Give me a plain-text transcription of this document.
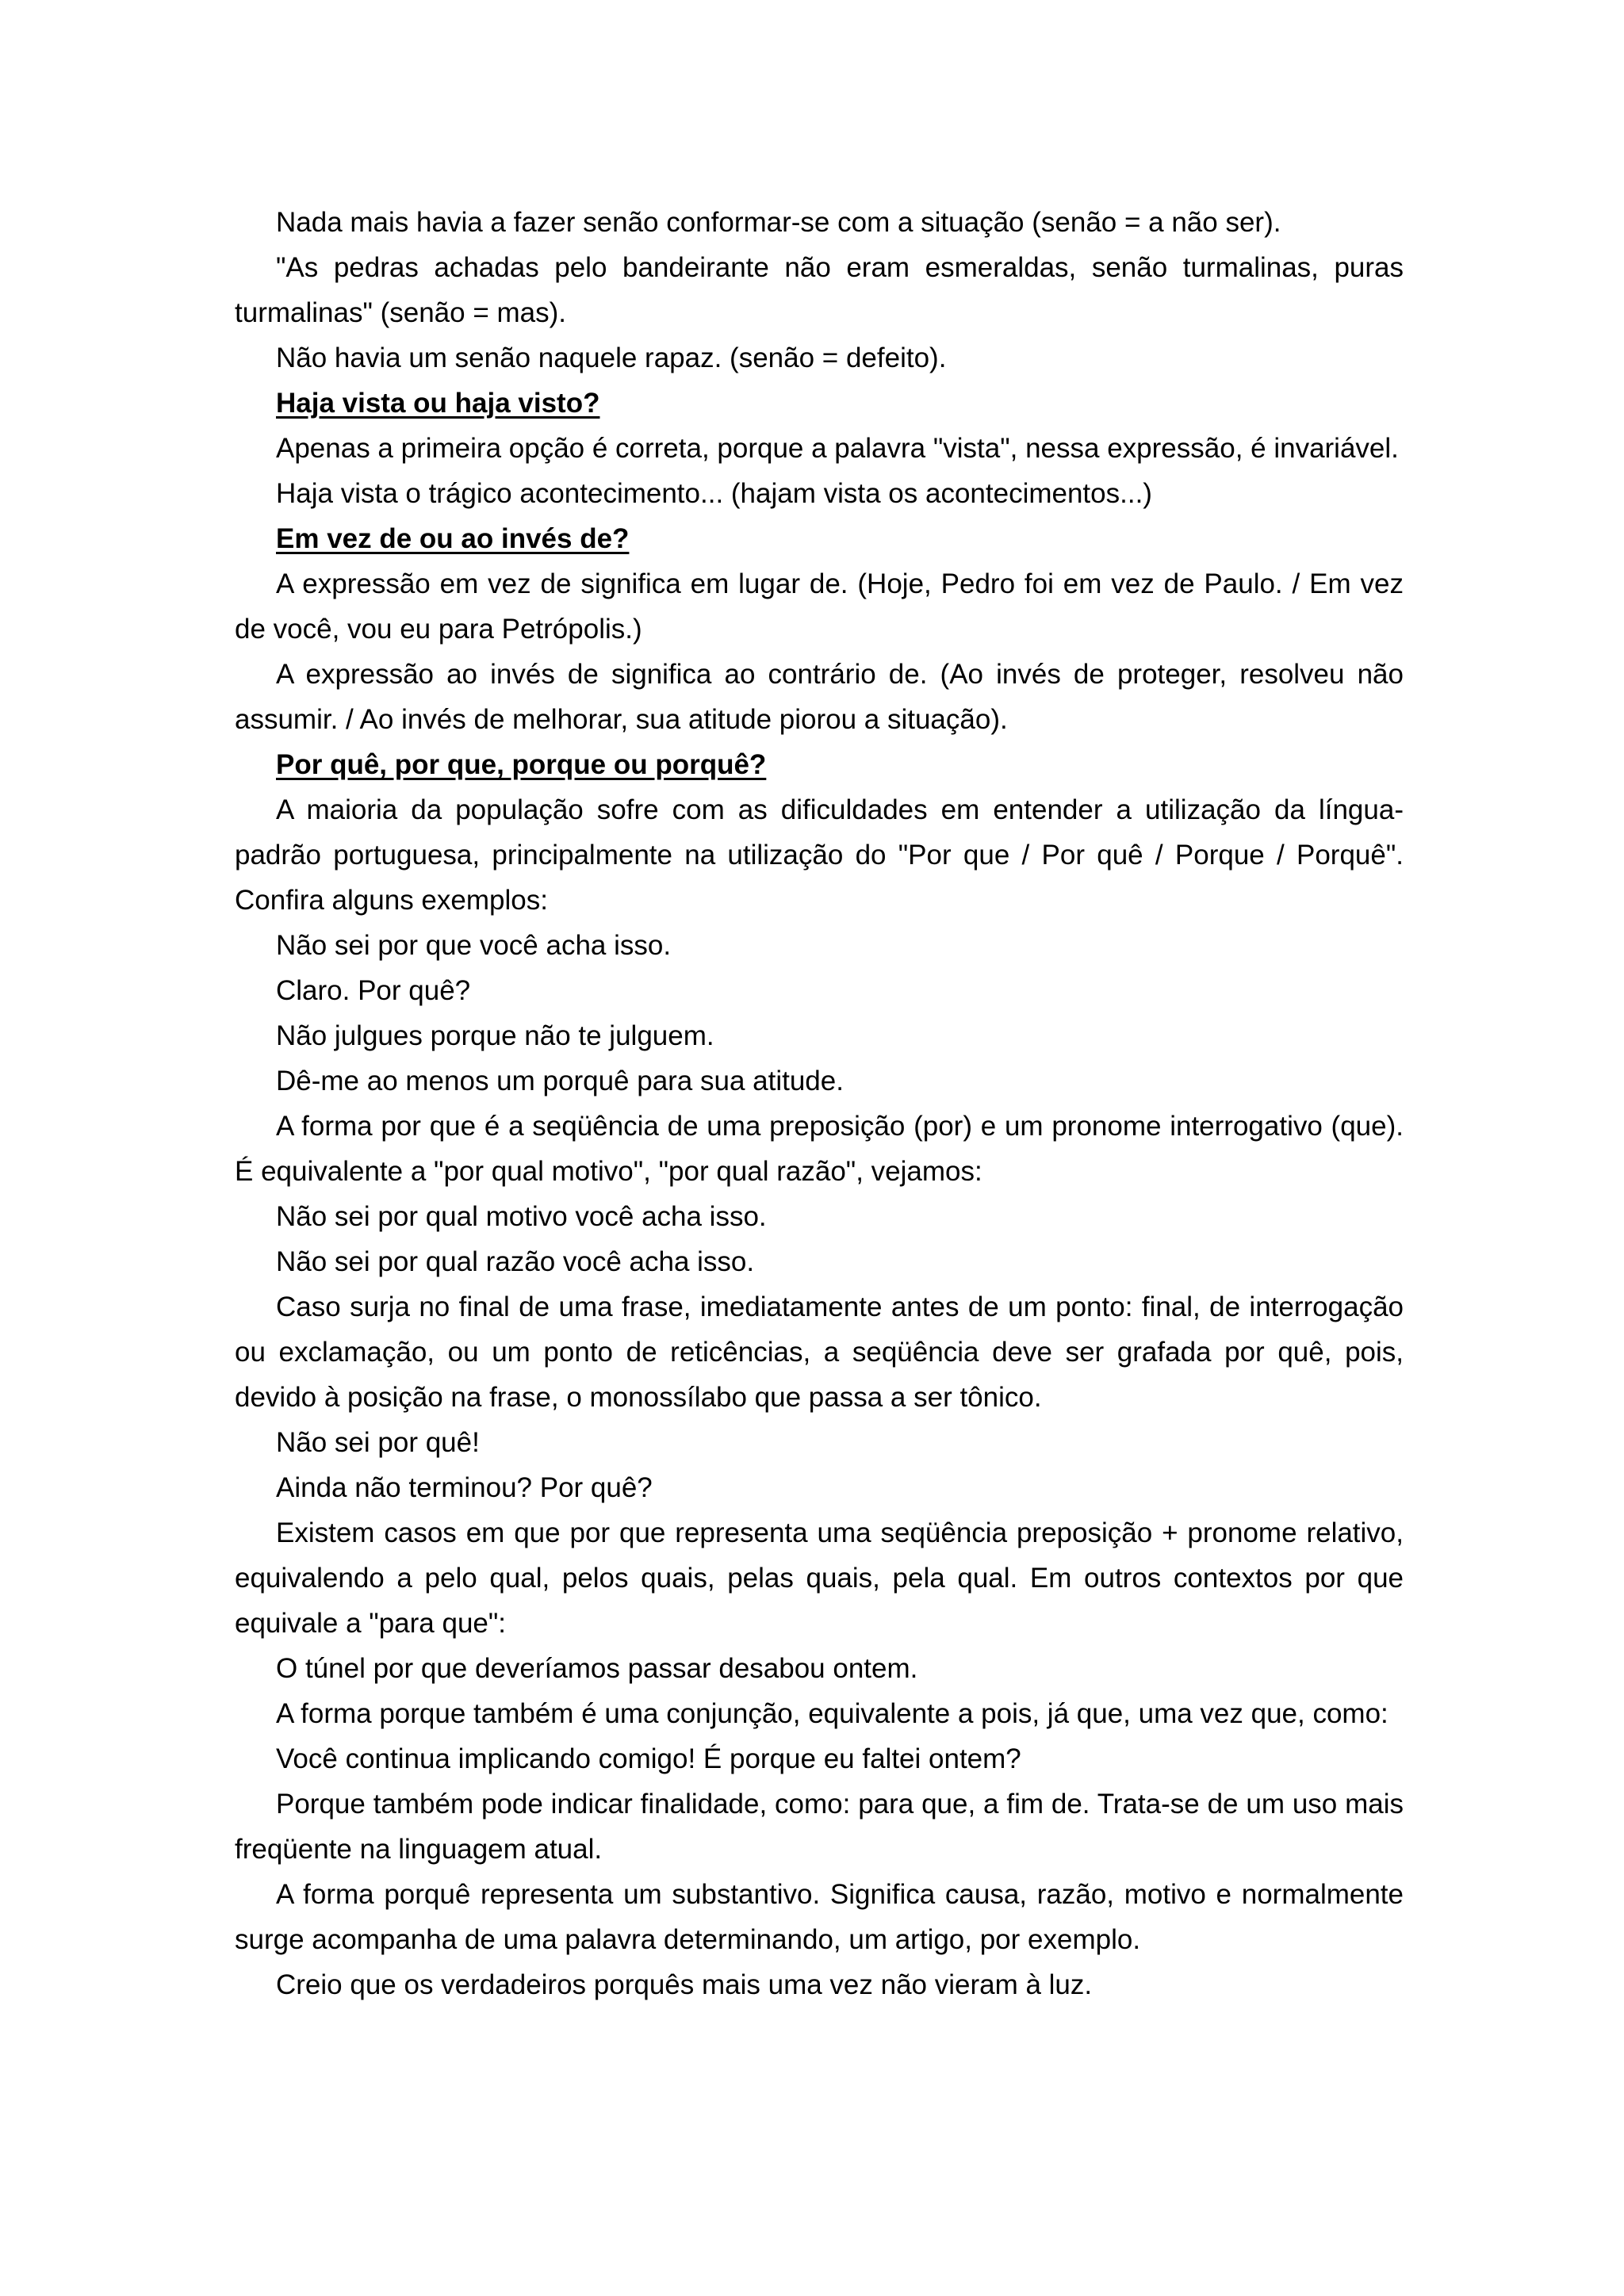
Nada mais havia a fazer senão conformar-se com a situação (senão = a não ser).

"As pedras achadas pelo bandeirante não eram esmeraldas, senão turmalinas, puras turmalinas" (senão = mas).

Não havia um senão naquele rapaz. (senão = defeito).

Haja vista ou haja visto?

Apenas a primeira opção é correta, porque a palavra "vista", nessa expressão, é invariável.

Haja vista o trágico acontecimento... (hajam vista os acontecimentos...)

Em vez de ou ao invés de?

A expressão em vez de significa em lugar de. (Hoje, Pedro foi em vez de Paulo. / Em vez de você, vou eu para Petrópolis.)

A expressão ao invés de significa ao contrário de. (Ao invés de proteger, resolveu não assumir. / Ao invés de melhorar, sua atitude piorou a situação).

Por quê, por que, porque ou porquê?

A maioria da população sofre com as dificuldades em entender a utilização da língua-padrão portuguesa, principalmente na utilização do "Por que / Por quê / Porque / Porquê". Confira alguns exemplos:

Não sei por que você acha isso.

Claro. Por quê?

Não julgues porque não te julguem.

Dê-me ao menos um porquê para sua atitude.

A forma por que é a seqüência de uma preposição (por) e um pronome interrogativo (que). É equivalente a "por qual motivo", "por qual razão", vejamos:

Não sei por qual motivo você acha isso.

Não sei por qual razão você acha isso.

Caso surja no final de uma frase, imediatamente antes de um ponto: final, de interrogação ou exclamação, ou um ponto de reticências, a seqüência deve ser grafada por quê, pois, devido à posição na frase, o monossílabo que passa a ser tônico.

Não sei por quê!

Ainda não terminou? Por quê?

Existem casos em que por que representa uma seqüência preposição + pronome relativo, equivalendo a pelo qual, pelos quais, pelas quais, pela qual. Em outros contextos por que equivale a "para que":

O túnel por que deveríamos passar desabou ontem.

A forma porque também é uma conjunção, equivalente a pois, já que, uma vez que, como:

Você continua implicando comigo! É porque eu faltei ontem?

Porque também pode indicar finalidade, como: para que, a fim de. Trata-se de um uso mais freqüente na linguagem atual.

A forma porquê representa um substantivo. Significa causa, razão, motivo e normalmente surge acompanha de uma palavra determinando, um artigo, por exemplo.

Creio que os verdadeiros porquês mais uma vez não vieram à luz.
